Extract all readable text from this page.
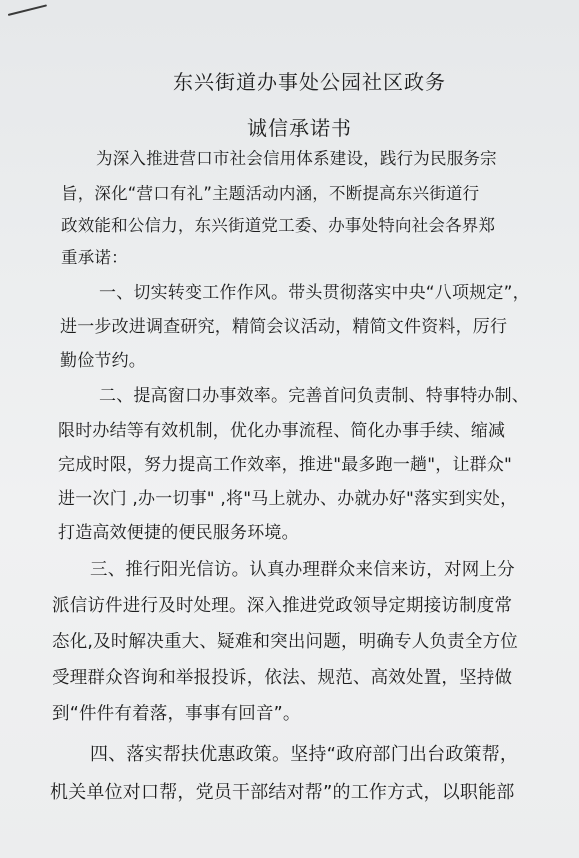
东兴街道办事处公园社区政务
诚信承诺书
为深入推进营口市社会信用体系建设，践行为民服务宗
旨，深化“营口有礼”主题活动内涵，不断提高东兴街道行
政效能和公信力，东兴街道党工委、办事处特向社会各界郑
重承诺：
一、切实转变工作作风。带头贯彻落实中央“八项规定”，
进一步改进调查研究，精简会议活动，精简文件资料，厉行
勤俭节约。
二、提高窗口办事效率。完善首问负责制、特事特办制、
限时办结等有效机制，优化办事流程、简化办事手续、缩减
完成时限，努力提高工作效率，推进"最多跑一趟"，让群众"
进一次门 ,办一切事" ,将"马上就办、办就办好"落实到实处，
打造高效便捷的便民服务环境。
三、推行阳光信访。认真办理群众来信来访，对网上分
派信访件进行及时处理。深入推进党政领导定期接访制度常
态化,及时解决重大、疑难和突出问题，明确专人负责全方位
受理群众咨询和举报投诉，依法、规范、高效处置，坚持做
到“件件有着落，事事有回音”。
四、落实帮扶优惠政策。坚持“政府部门出台政策帮，
机关单位对口帮，党员干部结对帮”的工作方式，以职能部
